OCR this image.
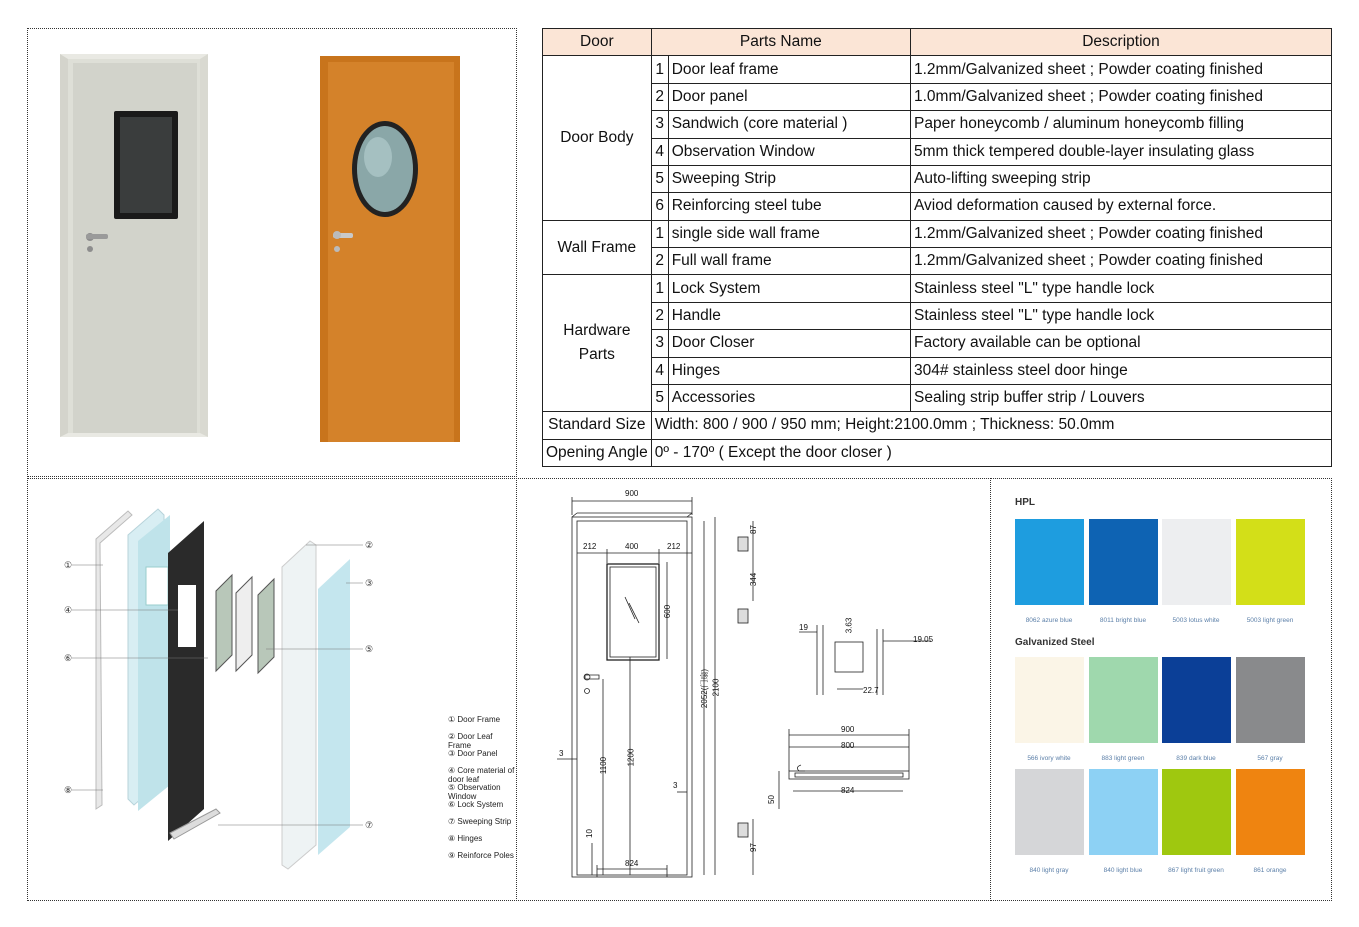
Door	Parts Name		Description
Door Body	1	Door leaf frame	1.2mm/Galvanized sheet ; Powder coating finished
	2	Door panel	1.0mm/Galvanized sheet ; Powder coating finished
	3	Sandwich (core material )	Paper honeycomb / aluminum honeycomb filling
	4	Observation Window	5mm thick tempered double-layer insulating glass
	5	Sweeping Strip	Auto-lifting sweeping strip
	6	Reinforcing steel tube	Aviod deformation caused by external force.
Wall Frame	1	single side wall frame	1.2mm/Galvanized sheet ; Powder coating finished
	2	Full wall frame	1.2mm/Galvanized sheet ; Powder coating finished
Hardware Parts	1	Lock System	Stainless steel "L" type handle lock
	2	Handle	Stainless steel "L" type handle lock
	3	Door Closer	Factory available can be optional
	4	Hinges	304# stainless steel door hinge
	5	Accessories	Sealing strip buffer strip / Louvers
Standard Size	Width: 800 / 900 / 950 mm; Height:2100.0mm ; Thickness: 50.0mm		
Opening Angle	0º - 170º ( Except the door closer )		
①
④
⑥
⑧
②
③
⑤
⑦
① Door Frame
② Door Leaf Frame
③ Door Panel
④ Core material of door leaf
⑤ Observation Window
⑥ Lock System
⑦ Sweeping Strip
⑧ Hinges
⑨ Reinforce Poles
900
212	400	212
600
1100 1200
2100
2052(门扇)
824
10
3
3
87
344
97
19	3.63
19.05
22.7
900
800
824
50
HPL
Galvanized Steel
8062 azure blue	8011 bright blue	5003 lotus white	5003 light green
566 ivory white	883 light green	839 dark blue	567 gray
840 light gray	840 light blue	867 light fruit green	861 orange
